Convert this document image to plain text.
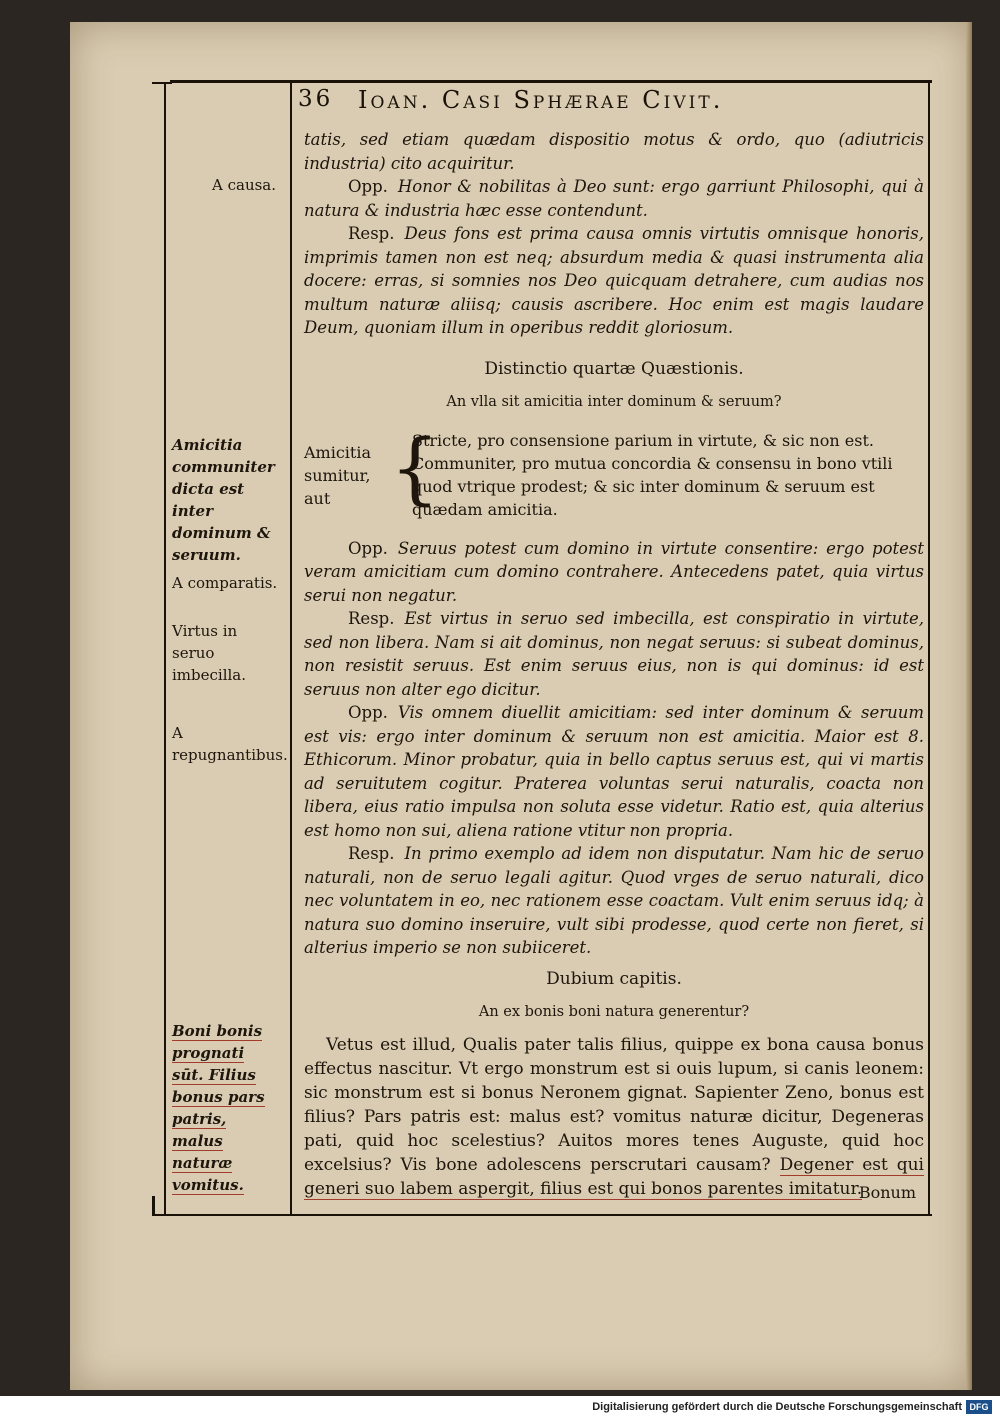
36 Ioan. Casi Sphærae Civit.
A causa.
Amicitia communiter dicta est inter dominum & seruum.
A comparatis.
Virtus in seruo imbecilla.
A repugnantibus.
Boni bonis prognati sūt. Filius bonus pars patris, malus naturæ vomitus.

tatis, sed etiam quædam dispositio motus & ordo, quo (adiutricis industria) cito acquiritur.

Opp. Honor & nobilitas à Deo sunt: ergo garriunt Philosophi, qui à natura & industria hæc esse contendunt.

Resp. Deus fons est prima causa omnis virtutis omnisque honoris, imprimis tamen non est neq; absurdum media & quasi instrumenta alia docere: erras, si somnies nos Deo quicquam detrahere, cum audias nos multum naturæ aliisq; causis ascribere. Hoc enim est magis laudare Deum, quoniam illum in operibus reddit gloriosum.

Distinctio quartæ Quæstionis.
An vlla sit amicitia inter dominum & seruum?
Amicitia sumitur, aut {
Stricte, pro consensione parium in virtute, & sic non est. Communiter, pro mutua concordia & consensu in bono vtili quod vtrique prodest; & sic inter dominum & seruum est quædam amicitia.

Opp. Seruus potest cum domino in virtute consentire: ergo potest veram amicitiam cum domino contrahere. Antecedens patet, quia virtus serui non negatur.

Resp. Est virtus in seruo sed imbecilla, est conspiratio in virtute, sed non libera. Nam si ait dominus, non negat seruus: si subeat dominus, non resistit seruus. Est enim seruus eius, non is qui dominus: id est seruus non alter ego dicitur.

Opp. Vis omnem diuellit amicitiam: sed inter dominum & seruum est vis: ergo inter dominum & seruum non est amicitia. Maior est 8. Ethicorum. Minor probatur, quia in bello captus seruus est, qui vi martis ad seruitutem cogitur. Praterea voluntas serui naturalis, coacta non libera, eius ratio impulsa non soluta esse videtur. Ratio est, quia alterius est homo non sui, aliena ratione vtitur non propria.

Resp. In primo exemplo ad idem non disputatur. Nam hic de seruo naturali, non de seruo legali agitur. Quod vrges de seruo naturali, dico nec voluntatem in eo, nec rationem esse coactam. Vult enim seruus idq; à natura suo domino inseruire, vult sibi prodesse, quod certe non fieret, si alterius imperio se non subiiceret.

Dubium capitis.
An ex bonis boni natura generentur?

Vetus est illud, Qualis pater talis filius, quippe ex bona causa bonus effectus nascitur. Vt ergo monstrum est si ouis lupum, si canis leonem: sic monstrum est si bonus Neronem gignat. Sapienter Zeno, bonus est filius? Pars patris est: malus est? vomitus naturæ dicitur, Degeneras pati, quid hoc scelestius? Auitos mores tenes Auguste, quid hoc excelsius? Vis bone adolescens perscrutari causam? Degener est qui generi suo labem aspergit, filius est qui bonos parentes imitatur.

Bonum
Digitalisierung gefördert durch die Deutsche Forschungsgemeinschaft DFG
